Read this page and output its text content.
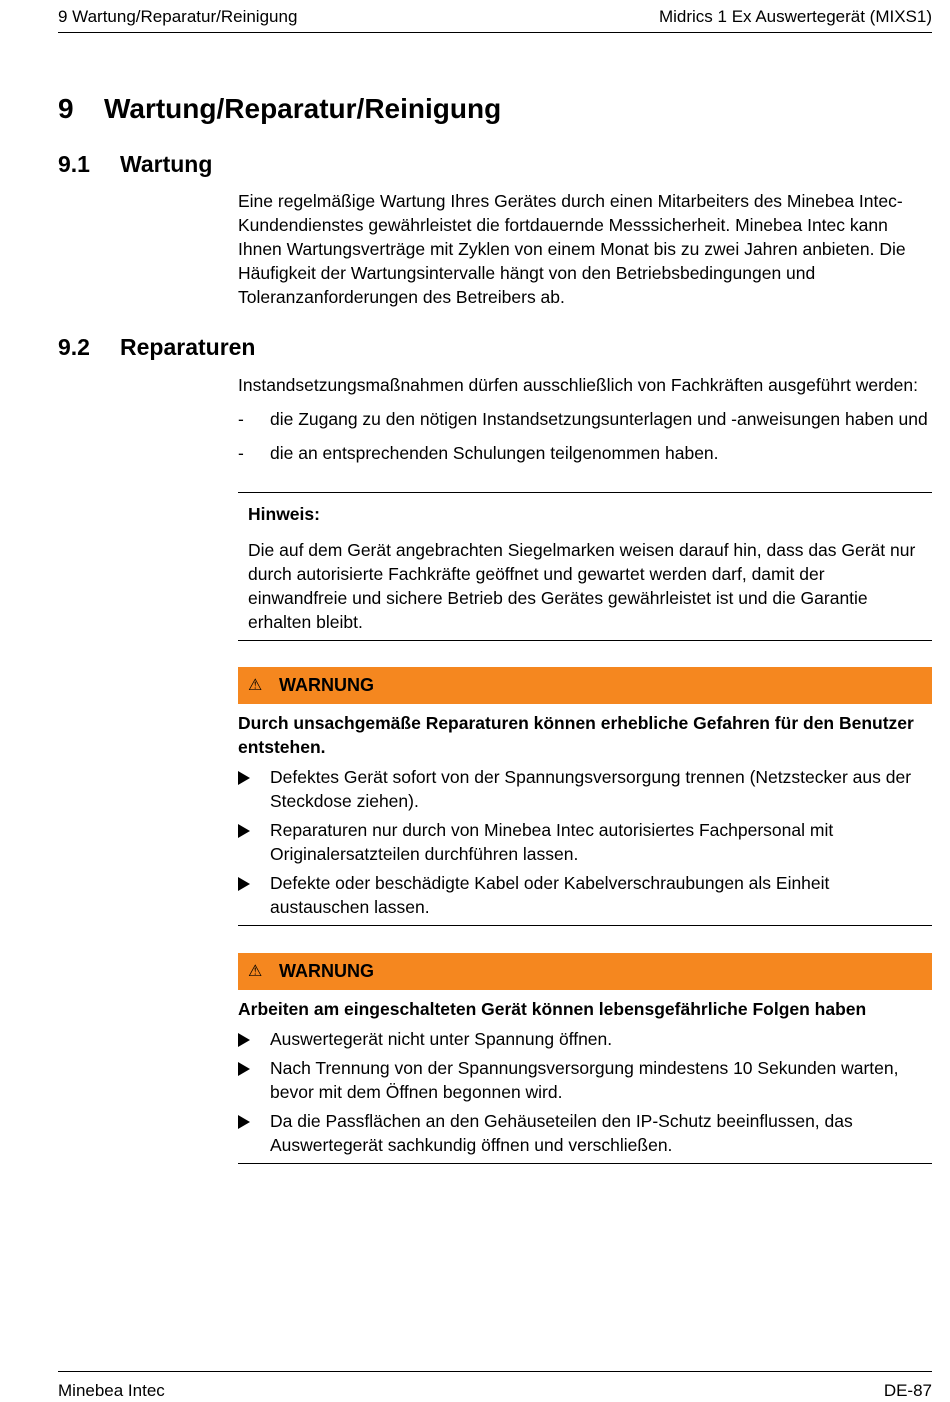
9 Wartung/Reparatur/Reinigung	Midrics 1 Ex Auswertegerät (MIXS1)
9 Wartung/Reparatur/Reinigung
9.1 Wartung
Eine regelmäßige Wartung Ihres Gerätes durch einen Mitarbeiters des Minebea Intec-Kundendienstes gewährleistet die fortdauernde Messsicherheit. Minebea Intec kann Ihnen Wartungsverträge mit Zyklen von einem Monat bis zu zwei Jahren anbieten. Die Häufigkeit der Wartungsintervalle hängt von den Betriebsbedingungen und Toleranzanforderungen des Betreibers ab.
9.2 Reparaturen
Instandsetzungsmaßnahmen dürfen ausschließlich von Fachkräften ausgeführt werden:
- die Zugang zu den nötigen Instandsetzungsunterlagen und -anweisungen haben und
- die an entsprechenden Schulungen teilgenommen haben.
Hinweis:
Die auf dem Gerät angebrachten Siegelmarken weisen darauf hin, dass das Gerät nur durch autorisierte Fachkräfte geöffnet und gewartet werden darf, damit der einwandfreie und sichere Betrieb des Gerätes gewährleistet ist und die Garantie erhalten bleibt.
⚠ WARNUNG
Durch unsachgemäße Reparaturen können erhebliche Gefahren für den Benutzer entstehen.
Defektes Gerät sofort von der Spannungsversorgung trennen (Netzstecker aus der Steckdose ziehen).
Reparaturen nur durch von Minebea Intec autorisiertes Fachpersonal mit Originalersatzteilen durchführen lassen.
Defekte oder beschädigte Kabel oder Kabelverschraubungen als Einheit austauschen lassen.
⚠ WARNUNG
Arbeiten am eingeschalteten Gerät können lebensgefährliche Folgen haben
Auswertegerät nicht unter Spannung öffnen.
Nach Trennung von der Spannungsversorgung mindestens 10 Sekunden warten, bevor mit dem Öffnen begonnen wird.
Da die Passflächen an den Gehäuseteilen den IP-Schutz beeinflussen, das Auswertegerät sachkundig öffnen und verschließen.
Minebea Intec	DE-87
